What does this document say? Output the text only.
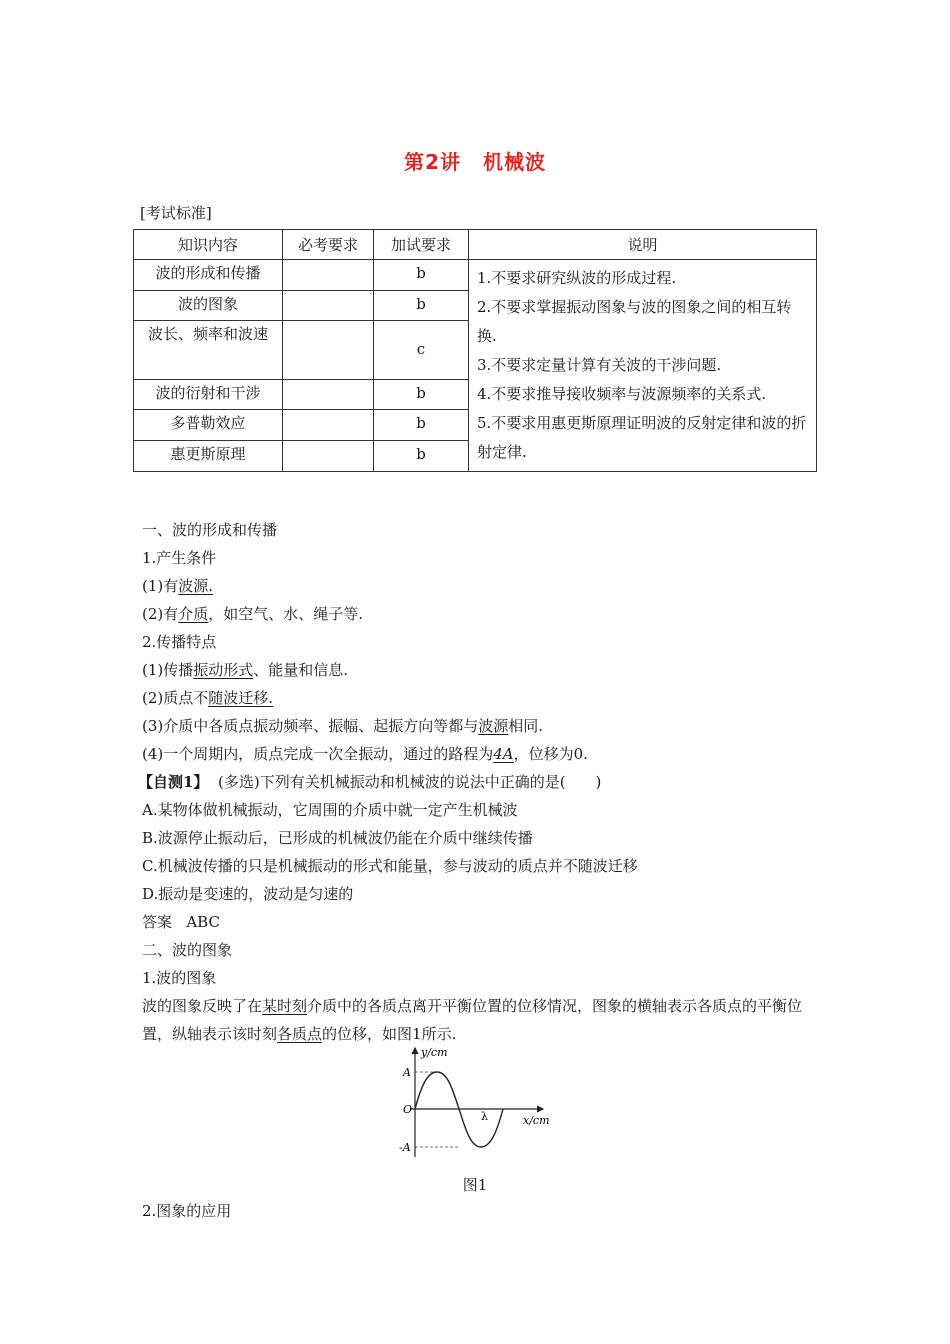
第2讲 机械波
[考试标准]
知识内容	必考要求	加试要求	说明
波的形成和传播		b	1.不要求研究纵波的形成过程.

2.不要求掌握振动图象与波的图象之间的相互转换.

3.不要求定量计算有关波的干涉问题.

4.不要求推导接收频率与波源频率的关系式.

5.不要求用惠更斯原理证明波的反射定律和波的折射定律.

波的图象		b	
波长、频率和波速		c	
波的衍射和干涉		b	
多普勒效应		b	
惠更斯原理		b	

一、波的形成和传播

1.产生条件

(1)有波源.

(2)有介质，如空气、水、绳子等.

2.传播特点

(1)传播振动形式、能量和信息.

(2)质点不随波迁移.

(3)介质中各质点振动频率、振幅、起振方向等都与波源相同.

(4)一个周期内，质点完成一次全振动，通过的路程为4A，位移为0.

【自测1】 (多选)下列有关机械振动和机械波的说法中正确的是(　　)

A.某物体做机械振动，它周围的介质中就一定产生机械波

B.波源停止振动后，已形成的机械波仍能在介质中继续传播

C.机械波传播的只是机械振动的形式和能量，参与波动的质点并不随波迁移

D.振动是变速的，波动是匀速的

答案 ABC

二、波的图象

1.波的图象

波的图象反映了在某时刻介质中的各质点离开平衡位置的位移情况，图象的横轴表示各质点的平衡位置，纵轴表示该时刻各质点的位移，如图1所示.

y/cm
x/cm
A
-A
O
λ
图1
2.图象的应用
